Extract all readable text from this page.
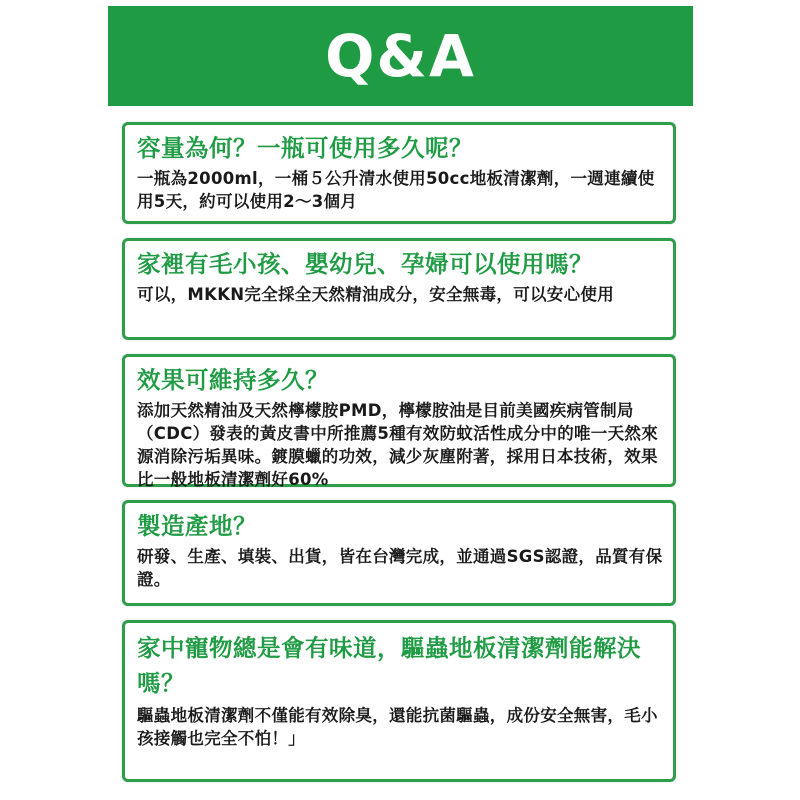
Q&A

容量為何？一瓶可使用多久呢？

一瓶為2000ml，一桶５公升清水使用50cc地板清潔劑，一週連續使用5天，約可以使用2～3個月

家裡有毛小孩、嬰幼兒、孕婦可以使用嗎？

可以，MKKN完全採全天然精油成分，安全無毒，可以安心使用

效果可維持多久？

添加天然精油及天然檸檬胺PMD，檸檬胺油是目前美國疾病管制局（CDC）發表的黃皮書中所推薦5種有效防蚊活性成分中的唯一天然來源消除污垢異味。鍍膜蠟的功效，減少灰塵附著，採用日本技術，效果比一般地板清潔劑好60%

製造產地？

研發、生產、填裝、出貨，皆在台灣完成，並通過SGS認證，品質有保證。

家中寵物總是會有味道，驅蟲地板清潔劑能解決嗎？

驅蟲地板清潔劑不僅能有效除臭，還能抗菌驅蟲，成份安全無害，毛小孩接觸也完全不怕！」
